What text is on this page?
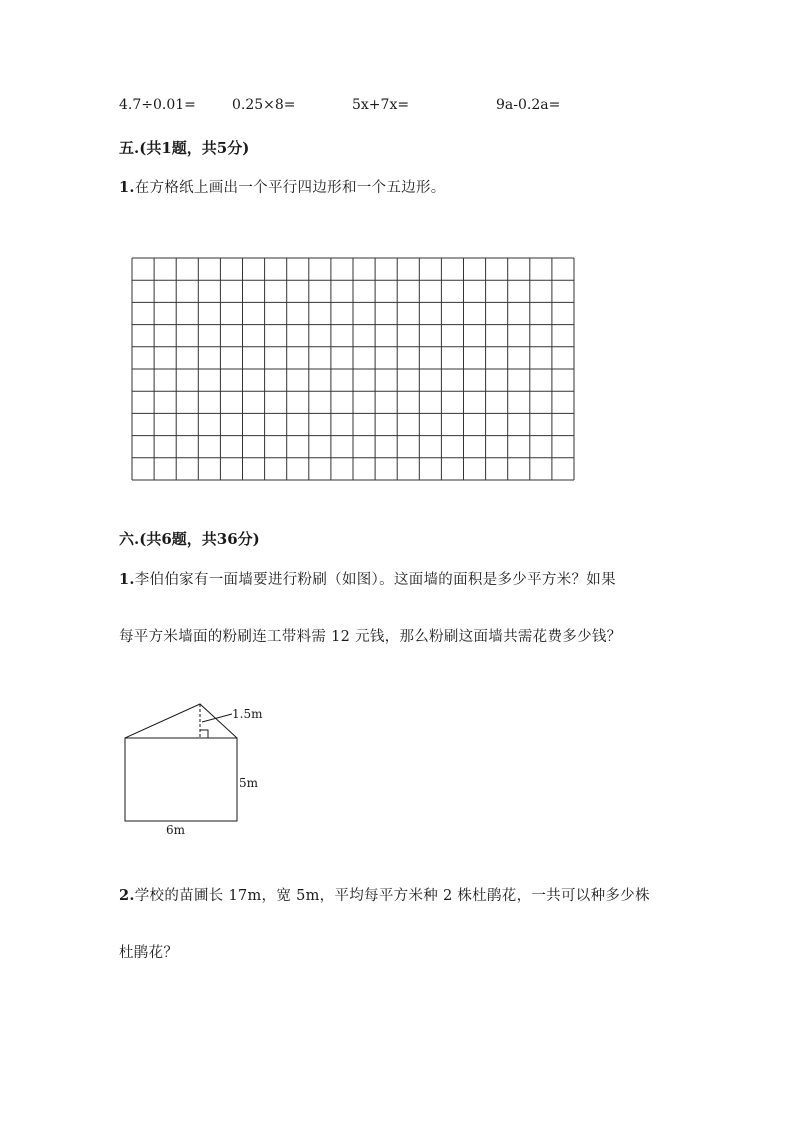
4.7÷0.01=	0.25×8=	5x+7x=	9a-0.2a=
五.(共1题，共5分)
1.在方格纸上画出一个平行四边形和一个五边形。
六.(共6题，共36分)
1.李伯伯家有一面墙要进行粉刷（如图）。这面墙的面积是多少平方米？如果
每平方米墙面的粉刷连工带料需 12 元钱，那么粉刷这面墙共需花费多少钱？
1.5m
5m
6m
2.学校的苗圃长 17m，宽 5m，平均每平方米种 2 株杜鹃花，一共可以种多少株
杜鹃花？
